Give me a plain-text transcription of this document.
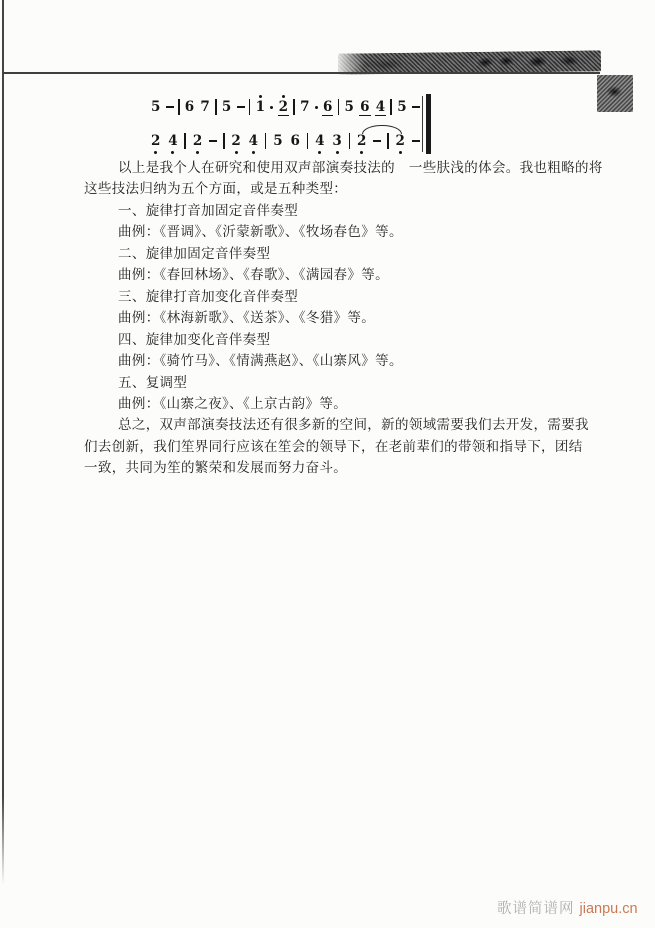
5 6 7 5 1 2 7 6 5 6 4 5
2 4 2 2 4 5 6 4 3 2 2
以上是我个人在研究和使用双声部演奏技法的　一些肤浅的体会。我也粗略的将
这些技法归纳为五个方面，或是五种类型：
一、旋律打音加固定音伴奏型
曲例：《晋调》、《沂蒙新歌》、《牧场春色》等。
二、旋律加固定音伴奏型
曲例：《春回林场》、《春歌》、《满园春》等。
三、旋律打音加变化音伴奏型
曲例：《林海新歌》、《送茶》、《冬猎》等。
四、旋律加变化音伴奏型
曲例：《骑竹马》、《情满燕赵》、《山寨风》等。
五、复调型
曲例：《山寨之夜》、《上京古韵》等。
总之，双声部演奏技法还有很多新的空间，新的领域需要我们去开发，需要我
们去创新，我们笙界同行应该在笙会的领导下，在老前辈们的带领和指导下，团结
一致，共同为笙的繁荣和发展而努力奋斗。
歌谱简谱网 jianpu.cn
